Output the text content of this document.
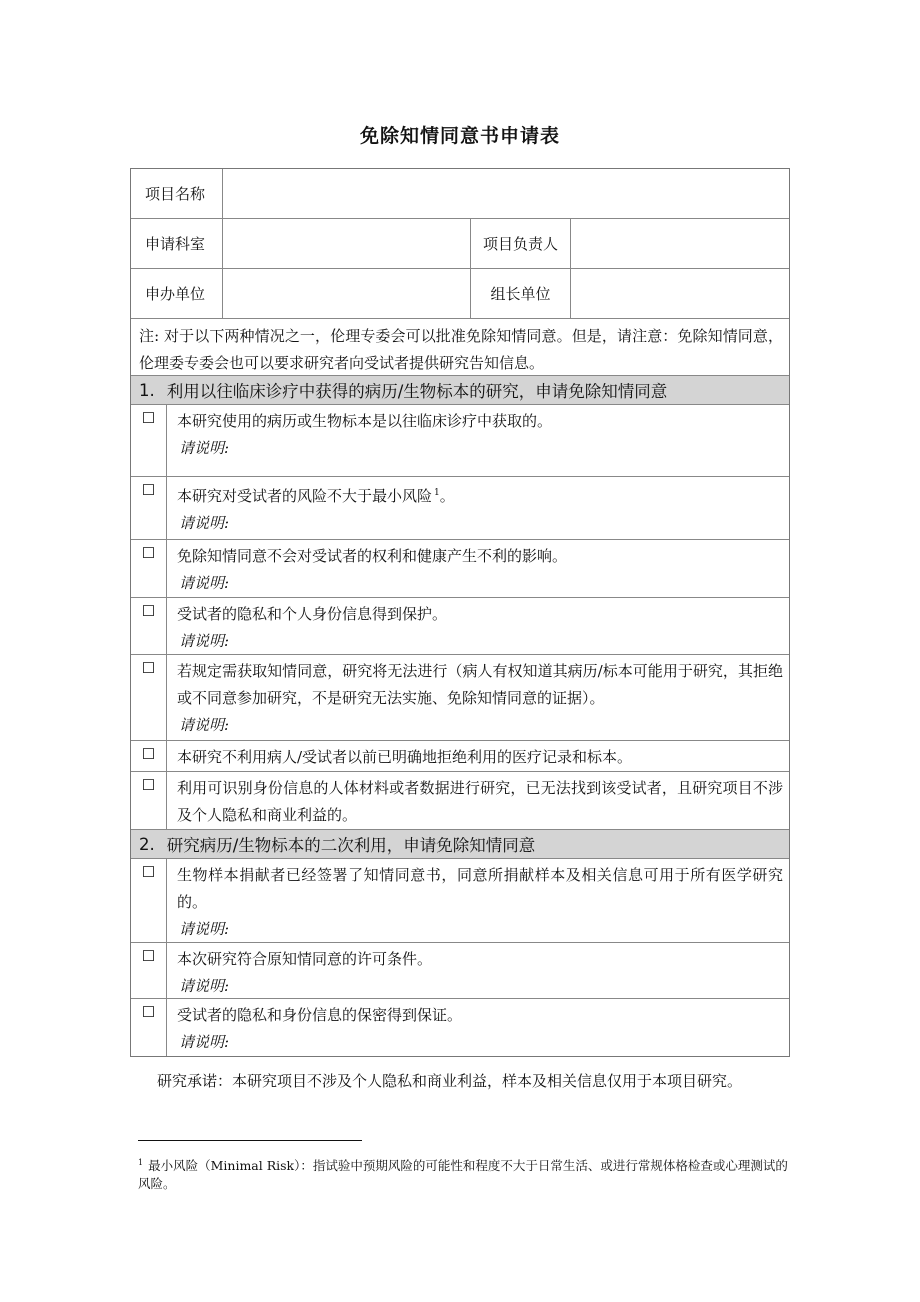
免除知情同意书申请表
项目名称
申请科室	项目负责人
申办单位	组长单位
注: 对于以下两种情况之一，伦理专委会可以批准免除知情同意。但是，请注意：免除知情同意，伦理委专委会也可以要求研究者向受试者提供研究告知信息。
1. 利用以往临床诊疗中获得的病历/生物标本的研究，申请免除知情同意
☐	本研究使用的病历或生物标本是以往临床诊疗中获取的。
请说明:
☐	本研究对受试者的风险不大于最小风险 $^1$。
请说明:
☐	免除知情同意不会对受试者的权利和健康产生不利的影响。
请说明:
☐	受试者的隐私和个人身份信息得到保护。
请说明:
☐	若规定需获取知情同意，研究将无法进行（病人有权知道其病历/标本可能用于研究，其拒绝或不同意参加研究，不是研究无法实施、免除知情同意的证据）。
请说明:
☐	本研究不利用病人/受试者以前已明确地拒绝利用的医疗记录和标本。
☐	利用可识别身份信息的人体材料或者数据进行研究，已无法找到该受试者，且研究项目不涉及个人隐私和商业利益的。
2. 研究病历/生物标本的二次利用，申请免除知情同意
☐	生物样本捐献者已经签署了知情同意书，同意所捐献样本及相关信息可用于所有医学研究的。
请说明:
☐	本次研究符合原知情同意的许可条件。
请说明:
☐	受试者的隐私和身份信息的保密得到保证。
请说明:
研究承诺：本研究项目不涉及个人隐私和商业利益，样本及相关信息仅用于本项目研究。
$^1$ 最小风险（Minimal Risk）：指试验中预期风险的可能性和程度不大于日常生活、或进行常规体格检查或心理测试的风险。
